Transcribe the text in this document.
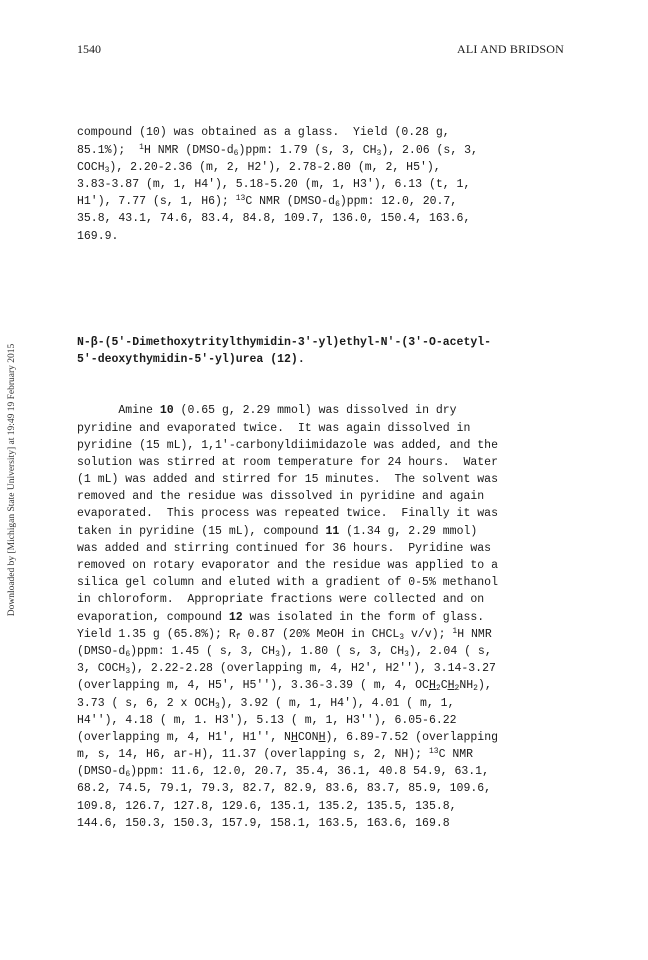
1540	ALI AND BRIDSON
Downloaded by [Michigan State University] at 19:49 19 February 2015

compound (10) was obtained as a glass.  Yield (0.28 g,
85.1%);  $^1$H NMR $(DMSO-d_6)ppm$: 1.79 (s, 3, $CH_3$), 2.06 (s, 3,
$COCH_3$), 2.20-2.36 (m, 2, H2'), 2.78-2.80 (m, 2, H5'),
3.83-3.87 (m, 1, H4'), 5.18-5.20 (m, 1, H3'), 6.13 (t, 1,
H1'), 7.77 (s, 1, H6); $^{13}$C NMR $(DMSO-d_6)ppm$: 12.0, 20.7,
35.8, 43.1, 74.6, 83.4, 84.8, 109.7, 136.0, 150.4, 163.6,
169.9.

N-β-(5'-Dimethoxytritylthymidin-3'-yl)ethyl-N'-(3'-O-acetyl-
5'-deoxythymidin-5'-yl)urea (12).

Amine 10 (0.65 g, 2.29 mmol) was dissolved in dry
pyridine and evaporated twice.  It was again dissolved in
pyridine (15 mL), 1,1'-carbonyldiimidazole was added, and the
solution was stirred at room temperature for 24 hours.  Water
(1 mL) was added and stirred for 15 minutes.  The solvent was
removed and the residue was dissolved in pyridine and again
evaporated.  This process was repeated twice.  Finally it was
taken in pyridine (15 mL), compound 11 (1.34 g, 2.29 mmol)
was added and stirring continued for 36 hours.  Pyridine was
removed on rotary evaporator and the residue was applied to a
silica gel column and eluted with a gradient of 0-5% methanol
in chloroform.  Appropriate fractions were collected and on
evaporation, compound 12 was isolated in the form of glass.
Yield 1.35 g (65.8%); $R_f$ 0.87 (20% MeOH in $CHCL_3$ v/v); $^1$H NMR
$(DMSO-d_6)ppm$: 1.45 ( s, 3, $CH_3$), 1.80 ( s, 3, $CH_3$), 2.04 ( s,
3, $COCH_3$), 2.22-2.28 (overlapping m, 4, H2', H2''), 3.14-3.27
(overlapping m, 4, H5', H5''), 3.36-3.39 ( m, 4, $OCH_2CH_2NH_2$),
3.73 ( s, 6, 2 x $OCH_3$), 3.92 ( m, 1, H4'), 4.01 ( m, 1,
H4''), 4.18 ( m, 1. H3'), 5.13 ( m, 1, H3''), 6.05-6.22
(overlapping m, 4, H1', H1'', NHCONH), 6.89-7.52 (overlapping
m, s, 14, H6, ar-H), 11.37 (overlapping s, 2, NH); $^{13}$C NMR
$(DMSO-d_6)ppm$: 11.6, 12.0, 20.7, 35.4, 36.1, 40.8 54.9, 63.1,
68.2, 74.5, 79.1, 79.3, 82.7, 82.9, 83.6, 83.7, 85.9, 109.6,
109.8, 126.7, 127.8, 129.6, 135.1, 135.2, 135.5, 135.8,
144.6, 150.3, 150.3, 157.9, 158.1, 163.5, 163.6, 169.8
